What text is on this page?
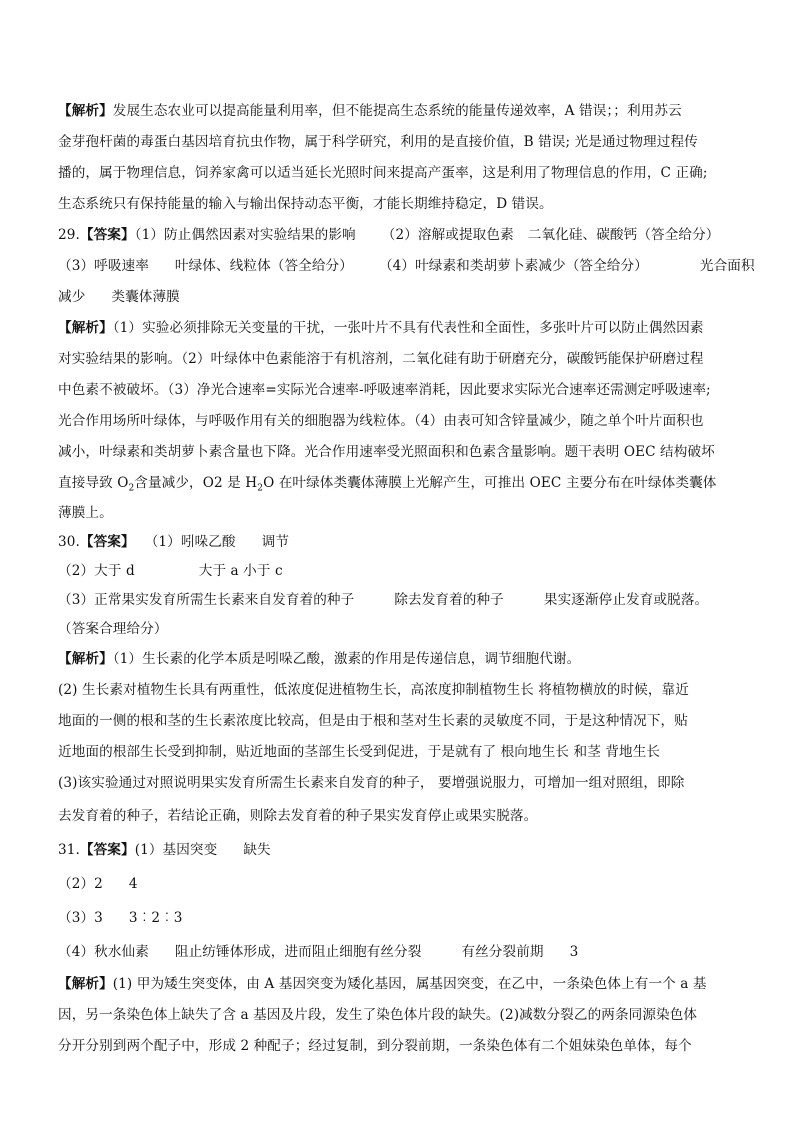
【解析】发展生态农业可以提高能量利用率，但不能提高生态系统的能量传递效率，A 错误；；利用苏云
金芽孢杆菌的毒蛋白基因培育抗虫作物，属于科学研究，利用的是直接价值，B 错误; 光是通过物理过程传
播的，属于物理信息，饲养家禽可以适当延长光照时间来提高产蛋率，这是利用了物理信息的作用，C 正确;
生态系统只有保持能量的输入与输出保持动态平衡，才能长期维持稳定，D 错误。
29.【答案】（1）防止偶然因素对实验结果的影响 （2）溶解或提取色素 二氧化硅、碳酸钙（答全给分）
（3）呼吸速率 叶绿体、线粒体（答全给分） （4）叶绿素和类胡萝卜素减少（答全给分）	光合面积
减少 类囊体薄膜
【解析】（1）实验必须排除无关变量的干扰，一张叶片不具有代表性和全面性，多张叶片可以防止偶然因素
对实验结果的影响。（2）叶绿体中色素能溶于有机溶剂，二氧化硅有助于研磨充分，碳酸钙能保护研磨过程
中色素不被破坏。（3）净光合速率=实际光合速率-呼吸速率消耗，因此要求实际光合速率还需测定呼吸速率;
光合作用场所叶绿体，与呼吸作用有关的细胞器为线粒体。（4）由表可知含锌量减少，随之单个叶片面积也
减小，叶绿素和类胡萝卜素含量也下降。光合作用速率受光照面积和色素含量影响。题干表明 OEC 结构破坏
直接导致 $O_2$含量减少，O2 是 $H_2O$ 在叶绿体类囊体薄膜上光解产生，可推出 OEC 主要分布在叶绿体类囊体
薄膜上。
30.【答案】 （1）吲哚乙酸 调节
（2）大于 d	大于 a 小于 c
（3）正常果实发育所需生长素来自发育着的种子	除去发育着的种子	果实逐渐停止发育或脱落。
（答案合理给分）
【解析】（1）生长素的化学本质是吲哚乙酸，激素的作用是传递信息，调节细胞代谢。
(2) 生长素对植物生长具有两重性，低浓度促进植物生长，高浓度抑制植物生长 将植物横放的时候，靠近
地面的一侧的根和茎的生长素浓度比较高，但是由于根和茎对生长素的灵敏度不同，于是这种情况下，贴
近地面的根部生长受到抑制，贴近地面的茎部生长受到促进，于是就有了 根向地生长 和茎 背地生长
(3)该实验通过对照说明果实发育所需生长素来自发育的种子， 要增强说服力，可增加一组对照组，即除
去发育着的种子，若结论正确，则除去发育着的种子果实发育停止或果实脱落。
31.【答案】(1）基因突变 缺失
（2）2 4
（3）3 3︰2︰3
（4）秋水仙素 阻止纺锤体形成，进而阻止细胞有丝分裂	有丝分裂前期 3
【解析】(1) 甲为矮生突变体，由 A 基因突变为矮化基因，属基因突变，在乙中，一条染色体上有一个 a 基
因，另一条染色体上缺失了含 a 基因及片段，发生了染色体片段的缺失。(2)减数分裂乙的两条同源染色体
分开分别到两个配子中，形成 2 种配子；经过复制，到分裂前期，一条染色体有二个姐妹染色单体，每个
